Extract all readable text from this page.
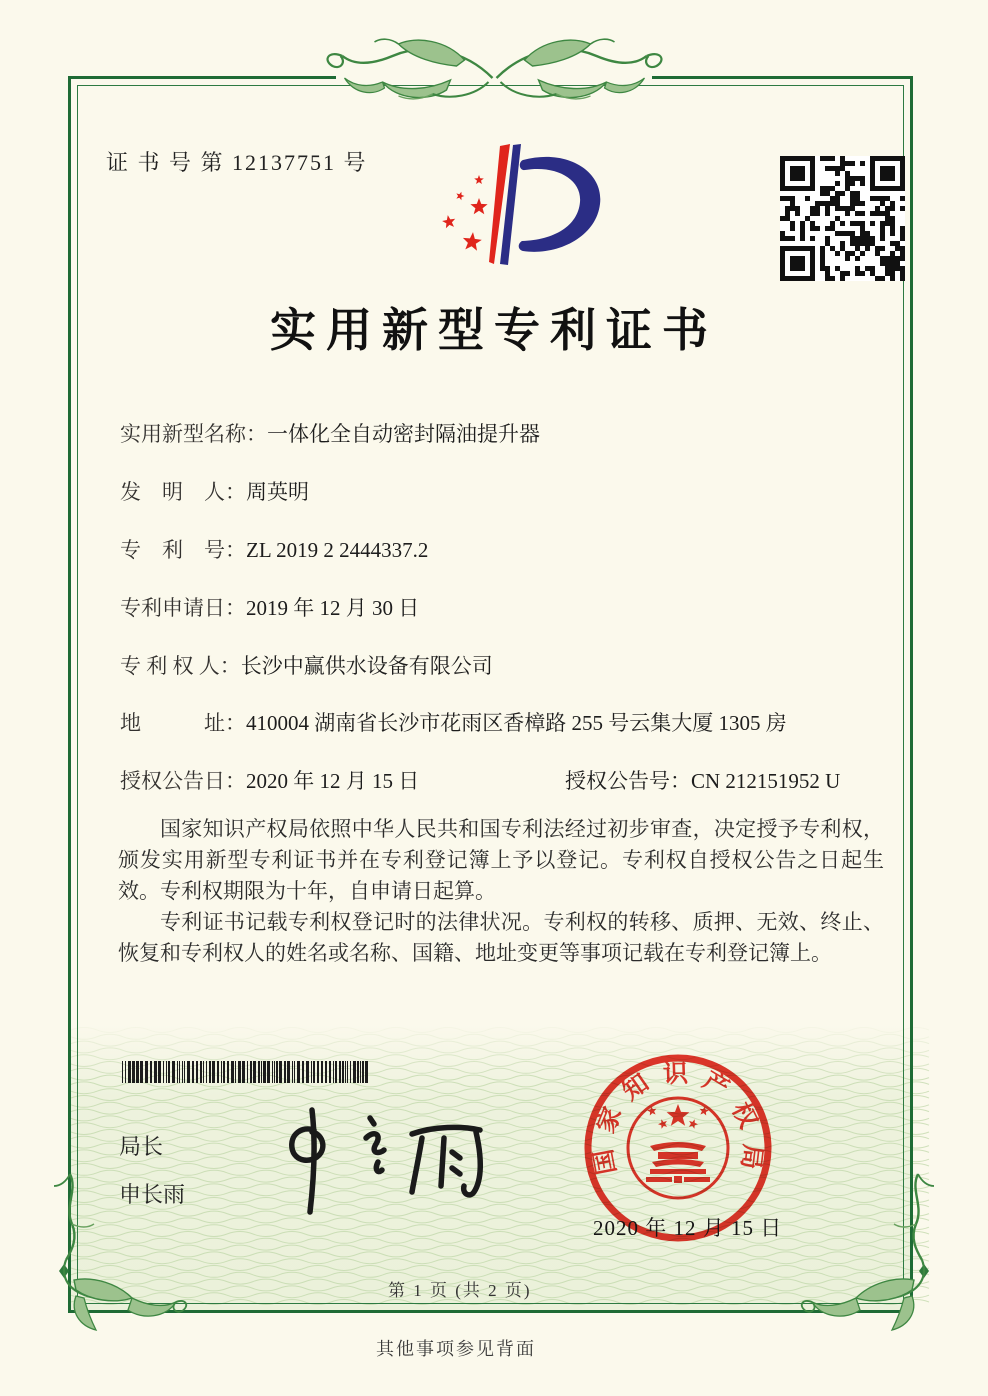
证 书 号 第 12137751 号
实用新型专利证书
实用新型名称：一体化全自动密封隔油提升器
发　明　人：周英明
专　利　号：ZL 2019 2 2444337.2
专利申请日：2019 年 12 月 30 日
专 利 权 人：长沙中赢供水设备有限公司
地　　　址：410004 湖南省长沙市花雨区香樟路 255 号云集大厦 1305 房
授权公告日：2020 年 12 月 15 日	授权公告号：CN 212151952 U

国家知识产权局依照中华人民共和国专利法经过初步审查，决定授予专利权，颁发实用新型专利证书并在专利登记簿上予以登记。专利权自授权公告之日起生效。专利权期限为十年，自申请日起算。

专利证书记载专利权登记时的法律状况。专利权的转移、质押、无效、终止、恢复和专利权人的姓名或名称、国籍、地址变更等事项记载在专利登记簿上。

局长
申长雨
国家知识产权局
2020 年 12 月 15 日
第 1 页 (共 2 页)
其他事项参见背面
